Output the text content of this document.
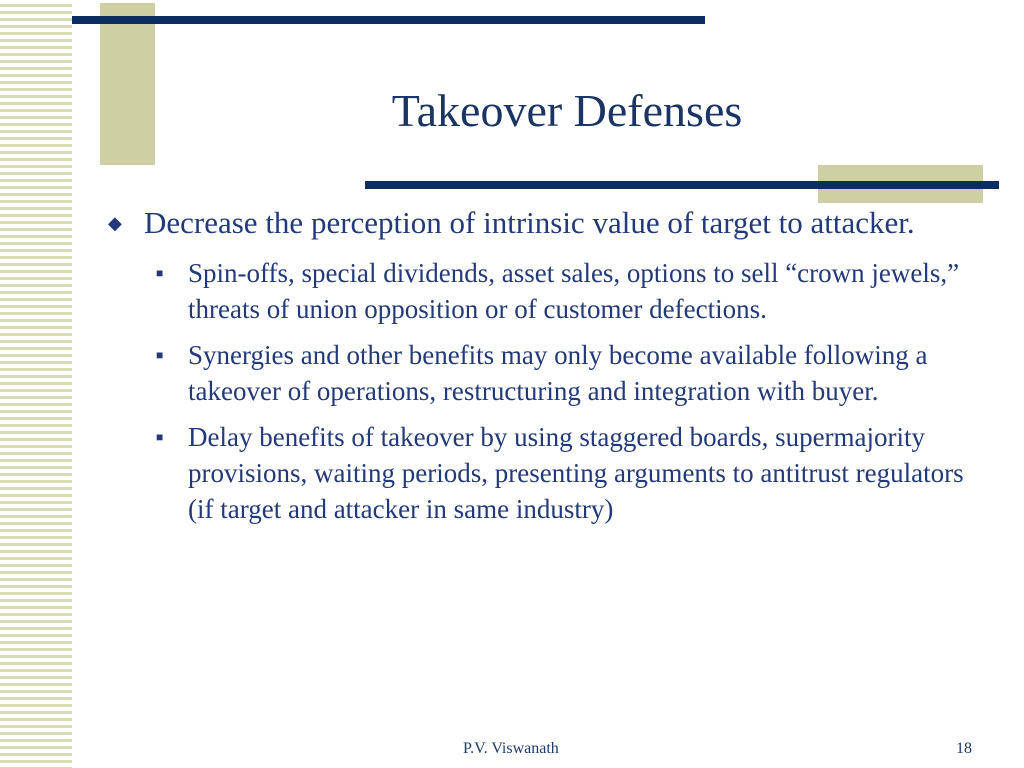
Takeover Defenses
◆ Decrease the perception of intrinsic value of target to attacker.
■ Spin-offs, special dividends, asset sales, options to sell “crown jewels,” threats of union opposition or of customer defections.
■ Synergies and other benefits may only become available following a takeover of operations, restructuring and integration with buyer.
■ Delay benefits of takeover by using staggered boards, supermajority provisions, waiting periods, presenting arguments to antitrust regulators (if target and attacker in same industry)
P.V. Viswanath	18
